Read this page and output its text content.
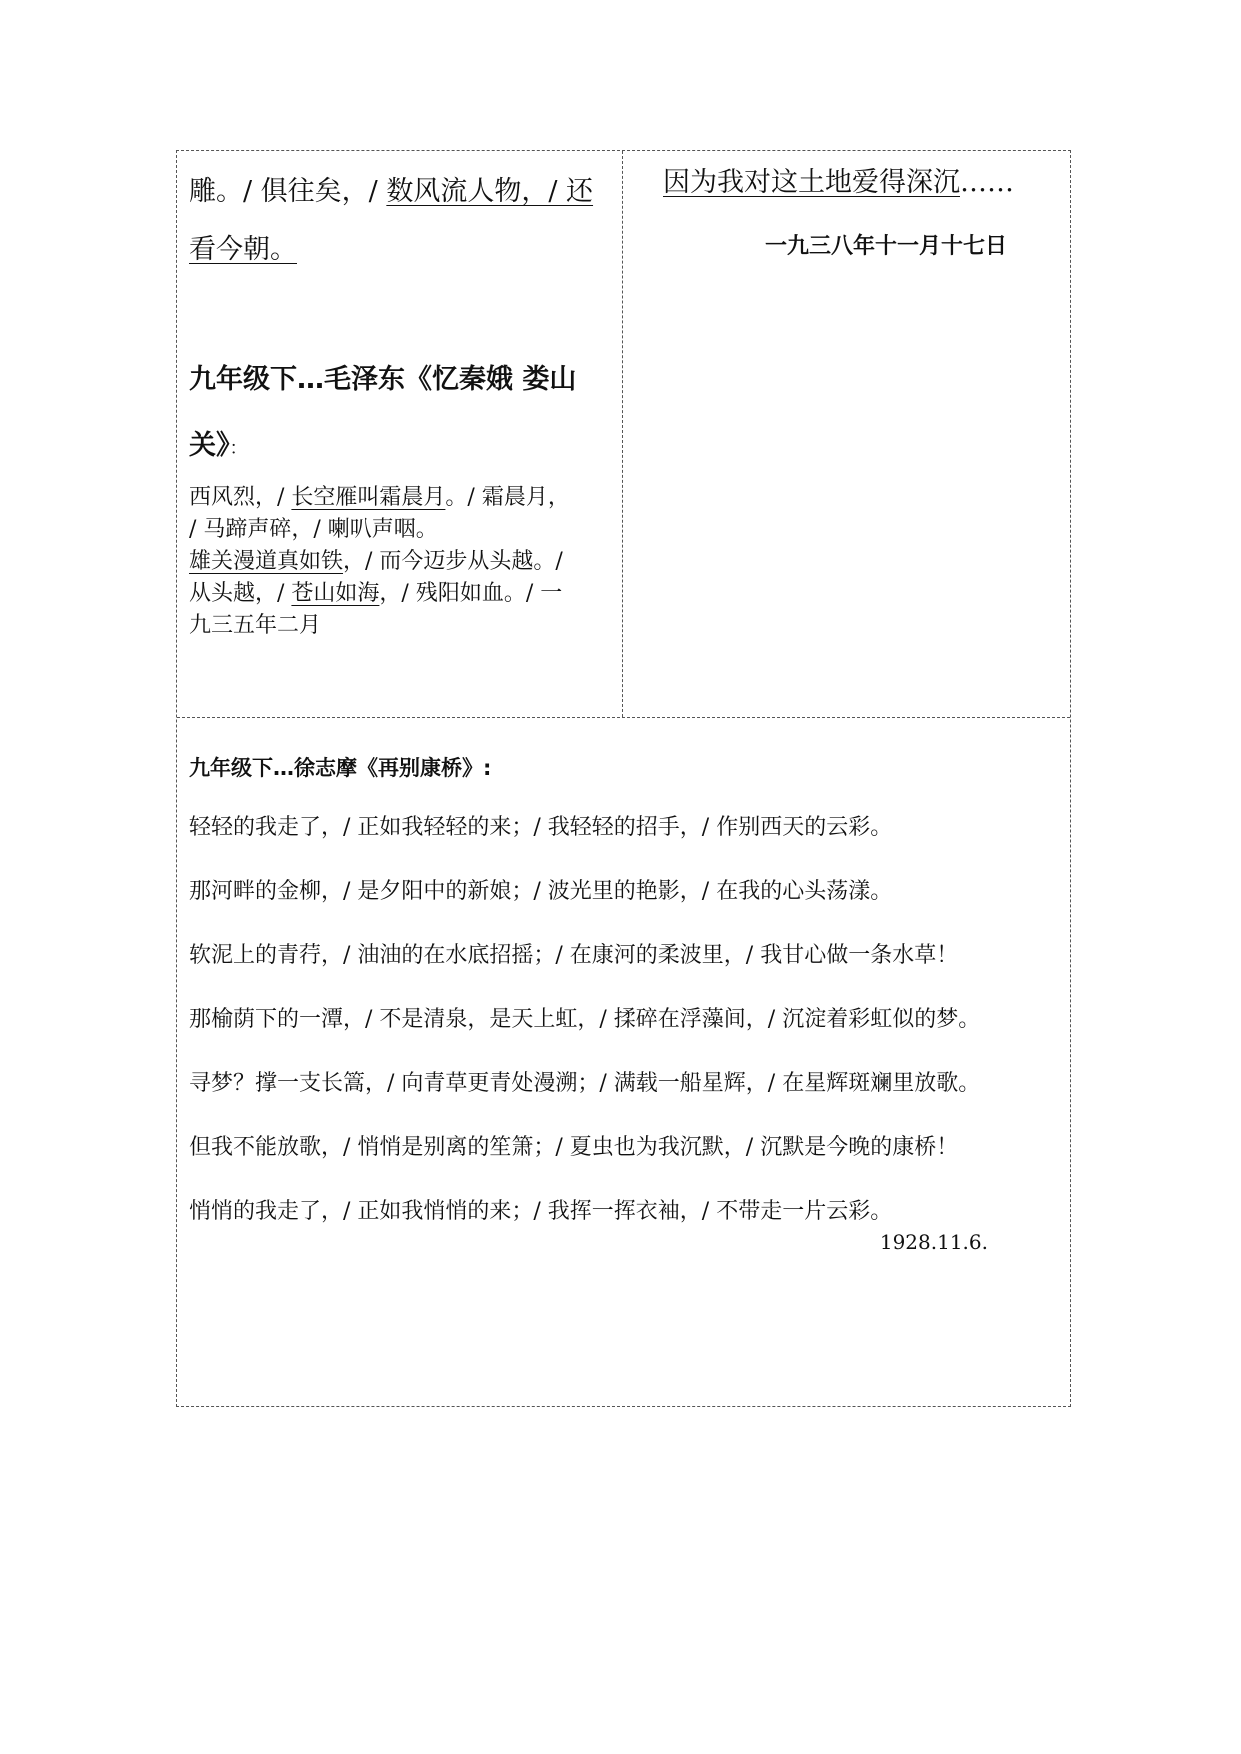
雕。/ 俱往矣，/ 数风流人物，/ 还

看今朝。

九年级下…毛泽东《忆秦娥 娄山

关》：

西风烈，/ 长空雁叫霜晨月。/ 霜晨月，

/ 马蹄声碎，/ 喇叭声咽。

雄关漫道真如铁，/ 而今迈步从头越。/

从头越，/ 苍山如海，/ 残阳如血。/ 一

九三五年二月

因为我对这土地爱得深沉……

一九三八年十一月十七日

九年级下…徐志摩《再别康桥》:

轻轻的我走了，/ 正如我轻轻的来；/ 我轻轻的招手，/ 作别西天的云彩。

那河畔的金柳，/ 是夕阳中的新娘；/ 波光里的艳影，/ 在我的心头荡漾。

软泥上的青荇，/ 油油的在水底招摇；/ 在康河的柔波里，/ 我甘心做一条水草！

那榆荫下的一潭，/ 不是清泉，是天上虹，/ 揉碎在浮藻间，/ 沉淀着彩虹似的梦。

寻梦？撑一支长篙，/ 向青草更青处漫溯；/ 满载一船星辉，/ 在星辉斑斓里放歌。

但我不能放歌，/ 悄悄是别离的笙箫；/ 夏虫也为我沉默，/ 沉默是今晚的康桥！

悄悄的我走了，/ 正如我悄悄的来；/ 我挥一挥衣袖，/ 不带走一片云彩。

1928.11.6.
